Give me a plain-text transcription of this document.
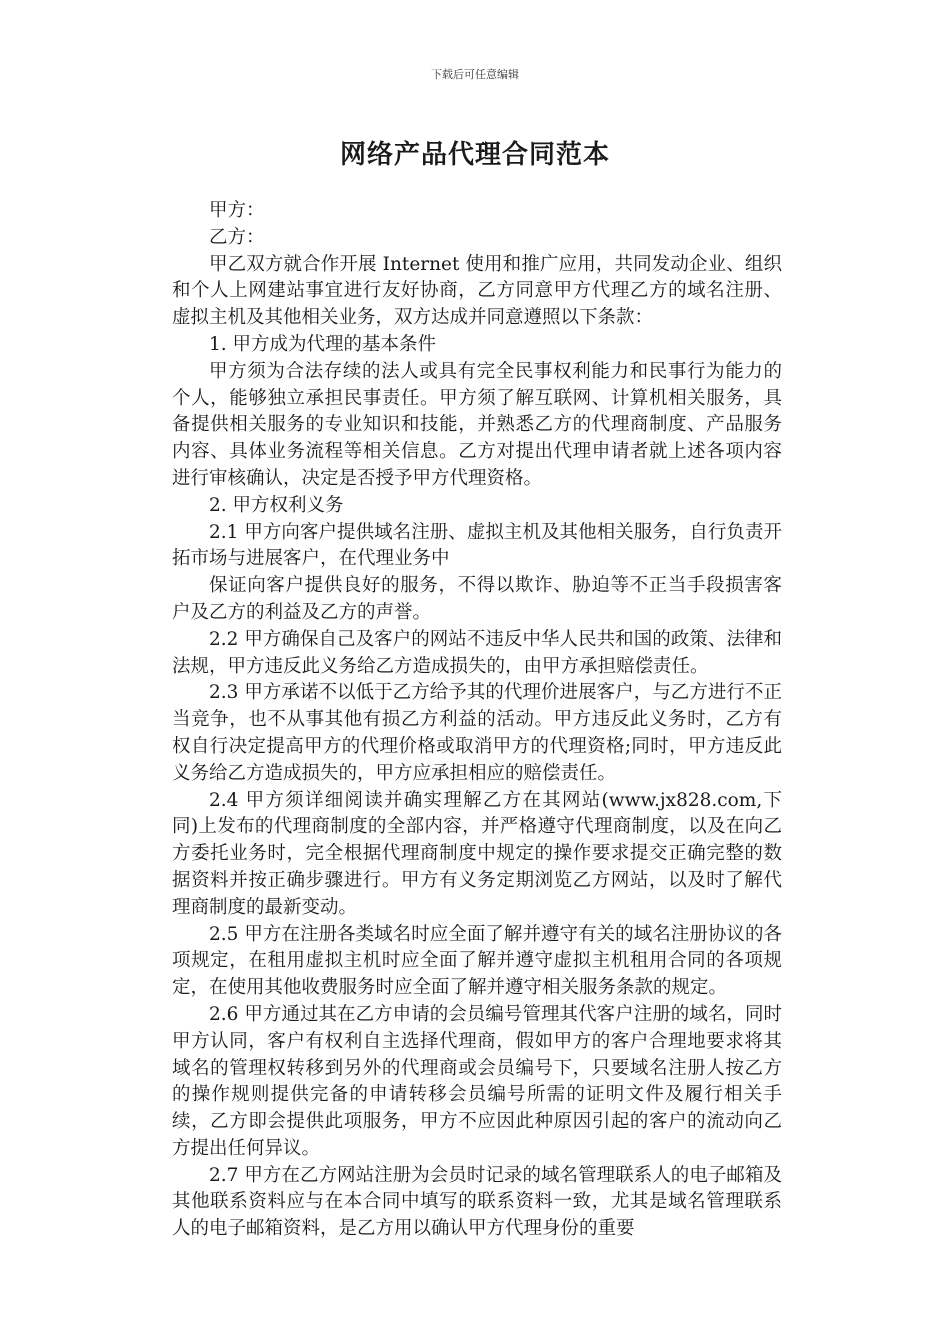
下载后可任意编辑
网络产品代理合同范本

甲方：

乙方：

甲乙双方就合作开展 Internet 使用和推广应用，共同发动企业、组织和个人上网建站事宜进行友好协商，乙方同意甲方代理乙方的域名注册、虚拟主机及其他相关业务，双方达成并同意遵照以下条款：

1. 甲方成为代理的基本条件

甲方须为合法存续的法人或具有完全民事权利能力和民事行为能力的个人，能够独立承担民事责任。甲方须了解互联网、计算机相关服务，具备提供相关服务的专业知识和技能，并熟悉乙方的代理商制度、产品服务内容、具体业务流程等相关信息。乙方对提出代理申请者就上述各项内容进行审核确认，决定是否授予甲方代理资格。

2. 甲方权利义务

2.1 甲方向客户提供域名注册、虚拟主机及其他相关服务，自行负责开拓市场与进展客户，在代理业务中

保证向客户提供良好的服务，不得以欺诈、胁迫等不正当手段损害客户及乙方的利益及乙方的声誉。

2.2 甲方确保自己及客户的网站不违反中华人民共和国的政策、法律和法规，甲方违反此义务给乙方造成损失的，由甲方承担赔偿责任。

2.3 甲方承诺不以低于乙方给予其的代理价进展客户，与乙方进行不正当竞争，也不从事其他有损乙方利益的活动。甲方违反此义务时，乙方有权自行决定提高甲方的代理价格或取消甲方的代理资格;同时，甲方违反此义务给乙方造成损失的，甲方应承担相应的赔偿责任。

2.4 甲方须详细阅读并确实理解乙方在其网站(www.jx828.com,下同)上发布的代理商制度的全部内容，并严格遵守代理商制度，以及在向乙方委托业务时，完全根据代理商制度中规定的操作要求提交正确完整的数据资料并按正确步骤进行。甲方有义务定期浏览乙方网站，以及时了解代理商制度的最新变动。

2.5 甲方在注册各类域名时应全面了解并遵守有关的域名注册协议的各项规定，在租用虚拟主机时应全面了解并遵守虚拟主机租用合同的各项规定，在使用其他收费服务时应全面了解并遵守相关服务条款的规定。

2.6 甲方通过其在乙方申请的会员编号管理其代客户注册的域名，同时甲方认同，客户有权利自主选择代理商，假如甲方的客户合理地要求将其域名的管理权转移到另外的代理商或会员编号下，只要域名注册人按乙方的操作规则提供完备的申请转移会员编号所需的证明文件及履行相关手续，乙方即会提供此项服务，甲方不应因此种原因引起的客户的流动向乙方提出任何异议。

2.7 甲方在乙方网站注册为会员时记录的域名管理联系人的电子邮箱及其他联系资料应与在本合同中填写的联系资料一致，尤其是域名管理联系人的电子邮箱资料，是乙方用以确认甲方代理身份的重要
